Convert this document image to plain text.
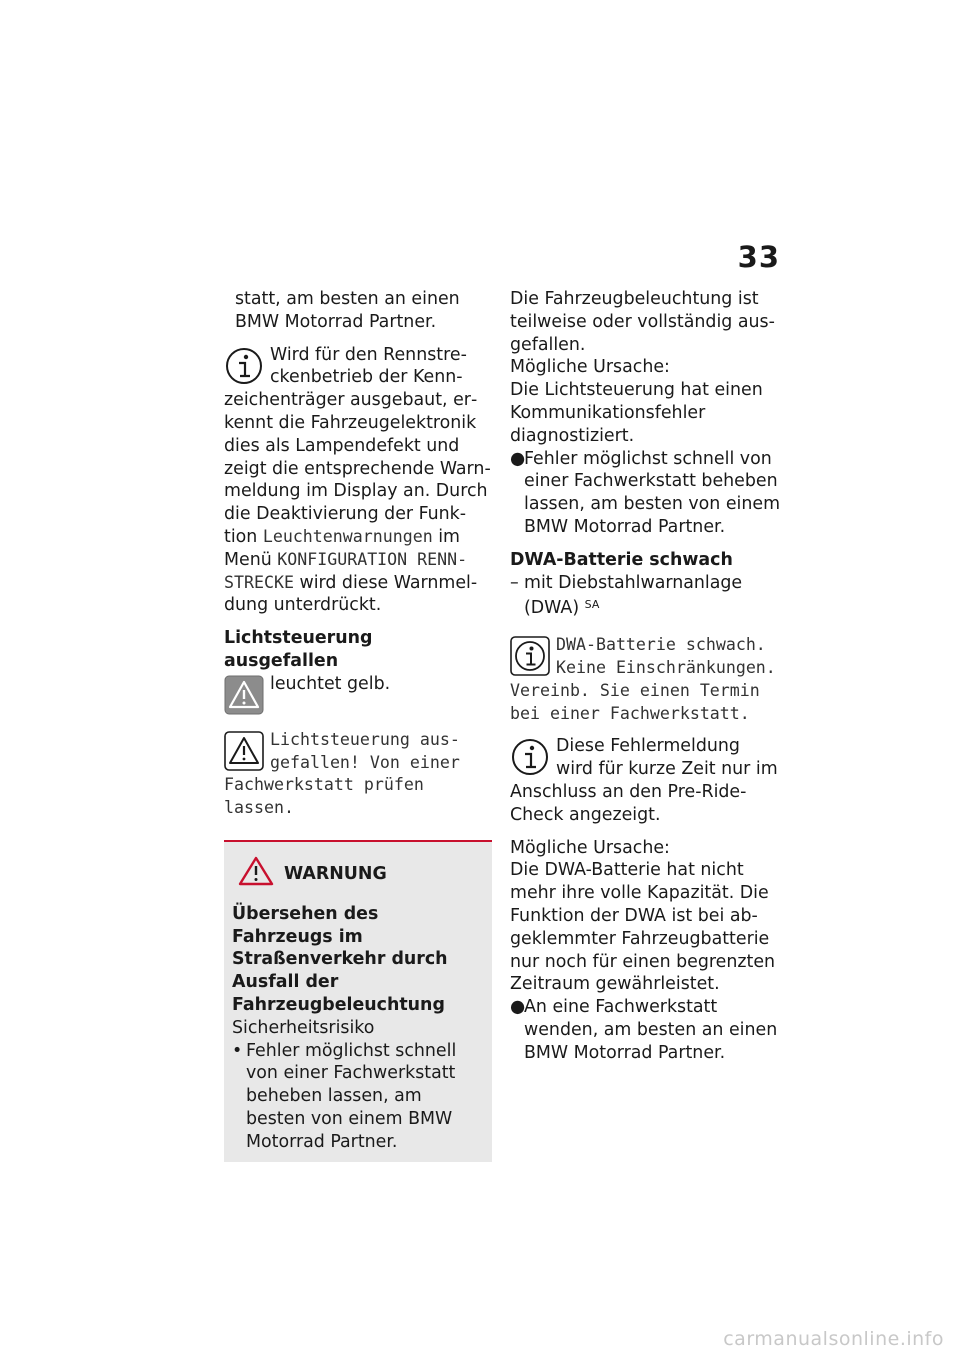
33

statt, am besten an einen

BMW Motorrad Partner.

Wird für den Rennstreckenbetrieb der Kennzeichenträger ausgebaut, erkennt die Fahrzeugelektronik dies als Lampendefekt und zeigt die entsprechende Warnmeldung im Display an. Durch die Deaktivierung der Funktion Leuchtenwarnungen im Menü KONFIGURATION RENNSTRECKE wird diese Warnmeldung unterdrückt.

Lichtsteuerung ausgefallen

leuchtet gelb.

Lichtsteuerung ausgefallen! Von einer Fachwerkstatt prüfen lassen.

WARNUNG

Übersehen des Fahrzeugs im Straßenverkehr durch Ausfall der Fahrzeugbeleuchtung

Sicherheitsrisiko

• Fehler möglichst schnell von einer Fachwerkstatt beheben lassen, am besten von einem BMW Motorrad Partner.

Die Fahrzeugbeleuchtung ist teilweise oder vollständig ausgefallen.

Mögliche Ursache:

Die Lichtsteuerung hat einen Kommunikationsfehler diagnostiziert.

●
Fehler möglichst schnell von einer Fachwerkstatt beheben lassen, am besten von einem BMW Motorrad Partner.

DWA-Batterie schwach

– mit Diebstahlwarnanlage (DWA) $^{SA}$

DWA-Batterie schwach. Keine Einschränkungen. Vereinb. Sie einen Termin bei einer Fachwerkstatt.

Diese Fehlermeldung wird für kurze Zeit nur im Anschluss an den Pre-Ride-Check angezeigt.

Mögliche Ursache:

Die DWA-Batterie hat nicht mehr ihre volle Kapazität. Die Funktion der DWA ist bei abgeklemmter Fahrzeugbatterie nur noch für einen begrenzten Zeitraum gewährleistet.

●
An eine Fachwerkstatt wenden, am besten an einen BMW Motorrad Partner.
carmanualsonline.info
